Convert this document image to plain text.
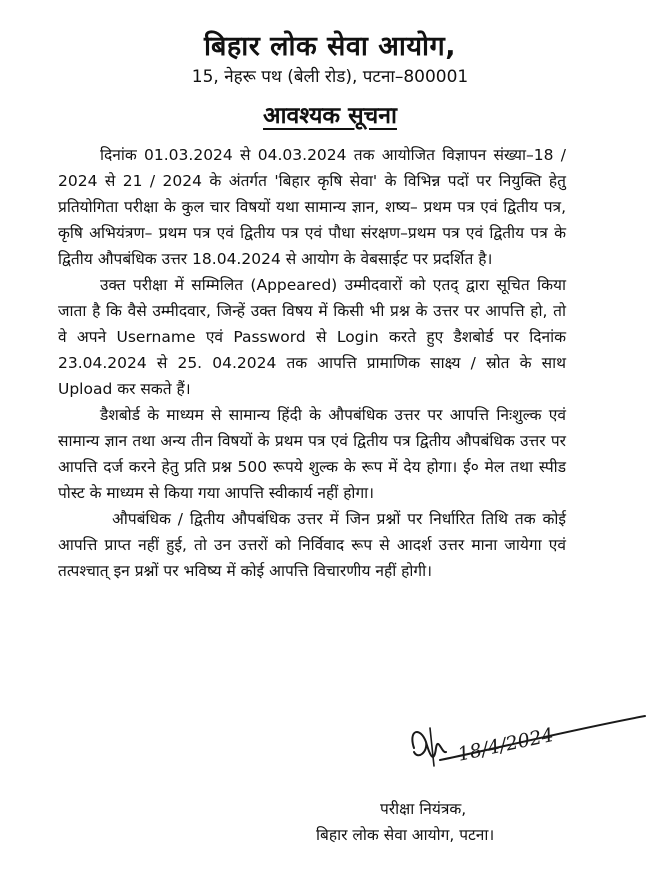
बिहार लोक सेवा आयोग,
15, नेहरू पथ (बेली रोड), पटना–800001
आवश्यक सूचना

दिनांक 01.03.2024 से 04.03.2024 तक आयोजित विज्ञापन संख्या–18 / 2024 से 21 / 2024 के अंतर्गत 'बिहार कृषि सेवा' के विभिन्न पदों पर नियुक्ति हेतु प्रतियोगिता परीक्षा के कुल चार विषयों यथा सामान्य ज्ञान, शष्य– प्रथम पत्र एवं द्वितीय पत्र, कृषि अभियंत्रण– प्रथम पत्र एवं द्वितीय पत्र एवं पौधा संरक्षण–प्रथम पत्र एवं द्वितीय पत्र के द्वितीय औपबंधिक उत्तर 18.04.2024 से आयोग के वेबसाईट पर प्रदर्शित है।

उक्त परीक्षा में सम्मिलित (Appeared) उम्मीदवारों को एतद् द्वारा सूचित किया जाता है कि वैसे उम्मीदवार, जिन्हें उक्त विषय में किसी भी प्रश्न के उत्तर पर आपत्ति हो, तो वे अपने Username एवं Password से Login करते हुए डैशबोर्ड पर दिनांक 23.04.2024 से 25. 04.2024 तक आपत्ति प्रामाणिक साक्ष्य / स्रोत के साथ Upload कर सकते हैं।

डैशबोर्ड के माध्यम से सामान्य हिंदी के औपबंधिक उत्तर पर आपत्ति निःशुल्क एवं सामान्य ज्ञान तथा अन्य तीन विषयों के प्रथम पत्र एवं द्वितीय पत्र द्वितीय औपबंधिक उत्तर पर आपत्ति दर्ज करने हेतु प्रति प्रश्न 500 रूपये शुल्क के रूप में देय होगा। ई० मेल तथा स्पीड पोस्ट के माध्यम से किया गया आपत्ति स्वीकार्य नहीं होगा।

औपबंधिक / द्वितीय औपबंधिक उत्तर में जिन प्रश्नों पर निर्धारित तिथि तक कोई आपत्ति प्राप्त नहीं हुई, तो उन उत्तरों को निर्विवाद रूप से आदर्श उत्तर माना जायेगा एवं तत्पश्चात् इन प्रश्नों पर भविष्य में कोई आपत्ति विचारणीय नहीं होगी।

18/4/2024
परीक्षा नियंत्रक,
बिहार लोक सेवा आयोग, पटना।
